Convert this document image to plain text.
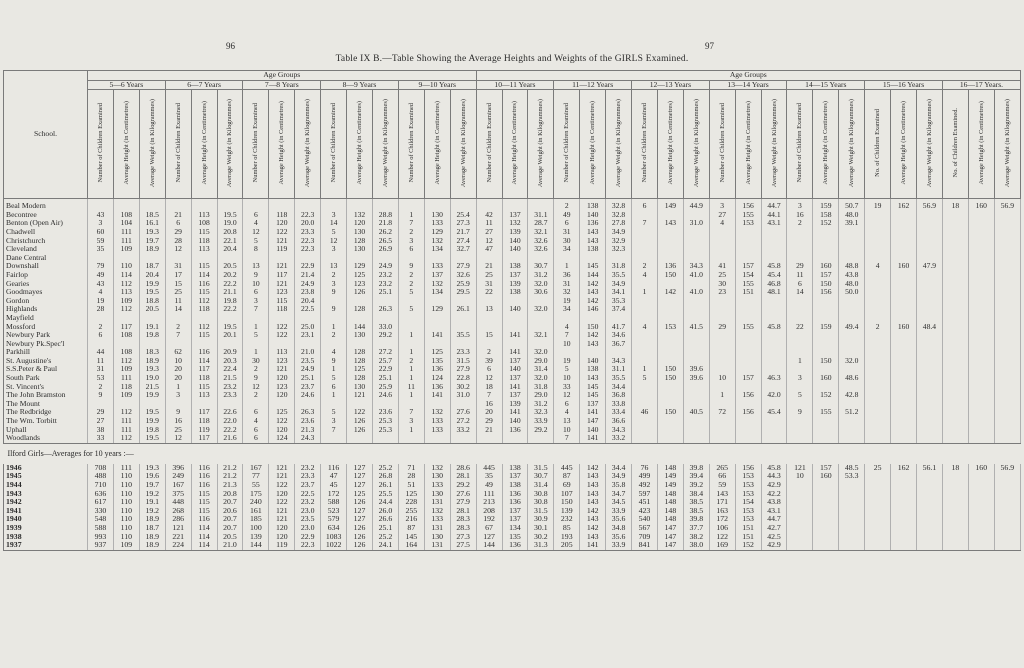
96	97
Table IX B.—Table Showing the Average Heights and Weights of the GIRLS Examined.
School.	Age Groups															Age Groups																				
	5—6 Years			6—7 Years			7—8 Years			8—9 Years			9—10 Years			10—11 Years			11—12 Years			12—13 Years			13—14 Years			14—15 Years			15—16 Years			16—17 Years.		
	Number of Children Examined	Average Height (in Centimetres)	Average Weight (in Kilogrammes)	Number of Children Examined	Average Height (in Centimetres)	Average Weight (in Kilogrammes)	Number of Children Examined	Average Height (in Centimetres)	Average Weight (in Kilogrammes)	Number of Children Examined	Average Height (in Centimetres)	Average Weight (in Kilogrammes)	Number of Children Examined	Average Height (in Centimetres)	Average Weight (in Kilogrammes)	Number of Children Examined	Average Height (in Centimetres)	Average Weight (in Kilogrammes)	Number of Children Examined	Average Height (in Centimetres)	Average Weight (in Kilogrammes)	Number of Children Examined	Average Height (in Centimetres)	Average Weight (in Kilogrammes)	Number of Children Examined	Average Height (in Centimetres)	Average Weight (in Kilogrammes)	Number of Children Examined	Average Height (in Centimetres)	Average Weight (in Kilogrammes)	No. of Children Examined	Average Height (in Centimetres)	Average Weight (in Kilogrammes)	No. of Children Examined.	Average Height (in Centimetres)	Average Weight (in Kilogrammes)
Beal Modern																			2	138	32.8	6	149	44.9	3	156	44.7	3	159	50.7	19	162	56.9	18	160	56.9
Becontree	43	108	18.5	21	113	19.5	6	118	22.3	3	132	28.8	1	130	25.4	42	137	31.1	49	140	32.8				27	155	44.1	16	158	48.0						
Benton (Open Air)	3	104	16.1	6	108	19.0	4	120	20.0	14	120	21.8	7	133	27.3	11	132	28.7	6	136	27.8	7	143	31.0	4	153	43.1	2	152	39.1						
Chadwell	60	111	19.3	29	115	20.8	12	122	23.3	5	130	26.2	2	129	21.7	27	139	32.1	31	143	34.9															
Christchurch	59	111	19.7	28	118	22.1	5	121	22.3	12	128	26.5	3	132	27.4	12	140	32.6	30	143	32.9															
Cleveland	35	109	18.9	12	113	20.4	8	119	22.3	3	130	26.9	6	134	32.7	47	140	32.6	34	138	32.3															
Dane Central																																				
Downshall	79	110	18.7	31	115	20.5	13	121	22.9	13	129	24.9	9	133	27.9	21	138	30.7	1	145	31.8	2	136	34.3	41	157	45.8	29	160	48.8	4	160	47.9			
Fairlop	49	114	20.4	17	114	20.2	9	117	21.4	2	125	23.2	2	137	32.6	25	137	31.2	36	144	35.5	4	150	41.0	25	154	45.4	11	157	43.8						
Gearies	43	112	19.9	15	116	22.2	10	121	24.9	3	123	23.2	2	132	25.9	31	139	32.0	31	142	34.9				30	155	46.8	6	150	48.0						
Goodmayes	4	113	19.5	25	115	21.1	6	123	23.8	9	126	25.1	5	134	29.5	22	138	30.6	32	143	34.1	1	142	41.0	23	151	48.1	14	156	50.0						
Gordon	19	109	18.8	11	112	19.8	3	115	20.4										19	142	35.3															
Highlands	28	112	20.5	14	118	22.2	7	118	22.5	9	128	26.3	5	129	26.1	13	140	32.0	34	146	37.4															
Mayfield																																				
Mossford	2	117	19.1	2	112	19.5	1	122	25.0	1	144	33.0							4	150	41.7	4	153	41.5	29	155	45.8	22	159	49.4	2	160	48.4			
Newbury Park	6	108	19.8	7	115	20.1	5	122	23.1	2	130	29.2	1	141	35.5	15	141	32.1	7	142	34.6															
Newbury Pk.Spec'l																			10	143	36.7															
Parkhill	44	108	18.3	62	116	20.9	1	113	21.0	4	128	27.2	1	125	23.3	2	141	32.0																		
St. Augustine's	11	112	18.9	10	114	20.3	30	123	23.5	9	128	25.7	2	135	31.5	39	137	29.0	19	140	34.3							1	150	32.0						
S.S.Peter & Paul	31	109	19.3	20	117	22.4	2	121	24.9	1	125	22.9	1	136	27.9	6	140	31.4	5	138	31.1	1	150	39.6												
South Park	53	111	19.0	20	118	21.5	9	120	25.1	5	128	25.1	1	124	22.8	12	137	32.0	10	143	35.5	5	150	39.6	10	157	46.3	3	160	48.6						
St. Vincent's	2	118	21.5	1	115	23.2	12	123	23.7	6	130	25.9	11	136	30.2	18	141	31.8	33	145	34.4															
The John Bramston	9	109	19.9	3	113	23.3	2	120	24.6	1	121	24.6	1	141	31.0	7	137	29.0	12	145	36.8				1	156	42.0	5	152	42.8						
The Mount																16	139	31.2	6	137	33.8															
The Redbridge	29	112	19.5	9	117	22.6	6	125	26.3	5	122	23.6	7	132	27.6	20	141	32.3	4	141	33.4	46	150	40.5	72	156	45.4	9	155	51.2						
The Wm. Torbitt	27	111	19.9	16	118	22.0	4	122	23.6	3	126	25.3	3	133	27.2	29	140	33.9	13	147	36.6															
Uphall	38	111	19.8	25	119	22.2	6	120	21.3	7	126	25.3	1	133	33.2	21	136	29.2	10	140	34.3															
Woodlands	33	112	19.5	12	117	21.6	6	124	24.3										7	141	33.2															
Ilford Girls—Averages for 10 years :—																																				
1946	708	111	19.3	396	116	21.2	167	121	23.2	116	127	25.2	71	132	28.6	445	138	31.5	445	142	34.4	76	148	39.8	265	156	45.8	121	157	48.5	25	162	56.1	18	160	56.9
1945	488	110	19.6	249	116	21.2	77	121	23.3	47	127	26.8	28	130	28.1	35	137	30.7	87	143	34.9	499	149	39.4	66	153	44.3	10	160	53.3						
1944	710	110	19.7	167	116	21.3	55	122	23.7	45	127	26.1	51	133	29.2	49	138	31.4	69	143	35.8	492	149	39.2	59	153	42.9									
1943	636	110	19.2	375	115	20.8	175	120	22.5	172	125	25.5	125	130	27.6	111	136	30.8	107	143	34.7	597	148	38.4	143	153	42.2									
1942	617	110	19.1	448	115	20.7	240	122	23.2	588	126	24.4	228	131	27.9	213	136	30.8	150	143	34.5	451	148	38.5	171	154	43.8									
1941	330	110	19.2	268	115	20.6	161	121	23.0	523	127	26.0	255	132	28.1	208	137	31.5	139	142	33.9	423	148	38.5	163	153	43.1									
1940	548	110	18.9	286	116	20.7	185	121	23.5	579	127	26.6	216	133	28.3	192	137	30.9	232	143	35.6	540	148	39.8	172	153	44.7									
1939	588	110	18.7	121	114	20.7	100	120	23.0	634	126	25.1	87	131	28.3	67	134	30.1	85	142	34.8	567	147	37.7	106	151	42.7									
1938	993	110	18.9	221	114	20.5	139	120	22.9	1083	126	25.2	145	130	27.3	127	135	30.2	193	143	35.6	709	147	38.2	122	151	42.5									
1937	937	109	18.9	224	114	21.0	144	119	22.3	1022	126	24.1	164	131	27.5	144	136	31.3	205	141	33.9	841	147	38.0	169	152	42.9									
